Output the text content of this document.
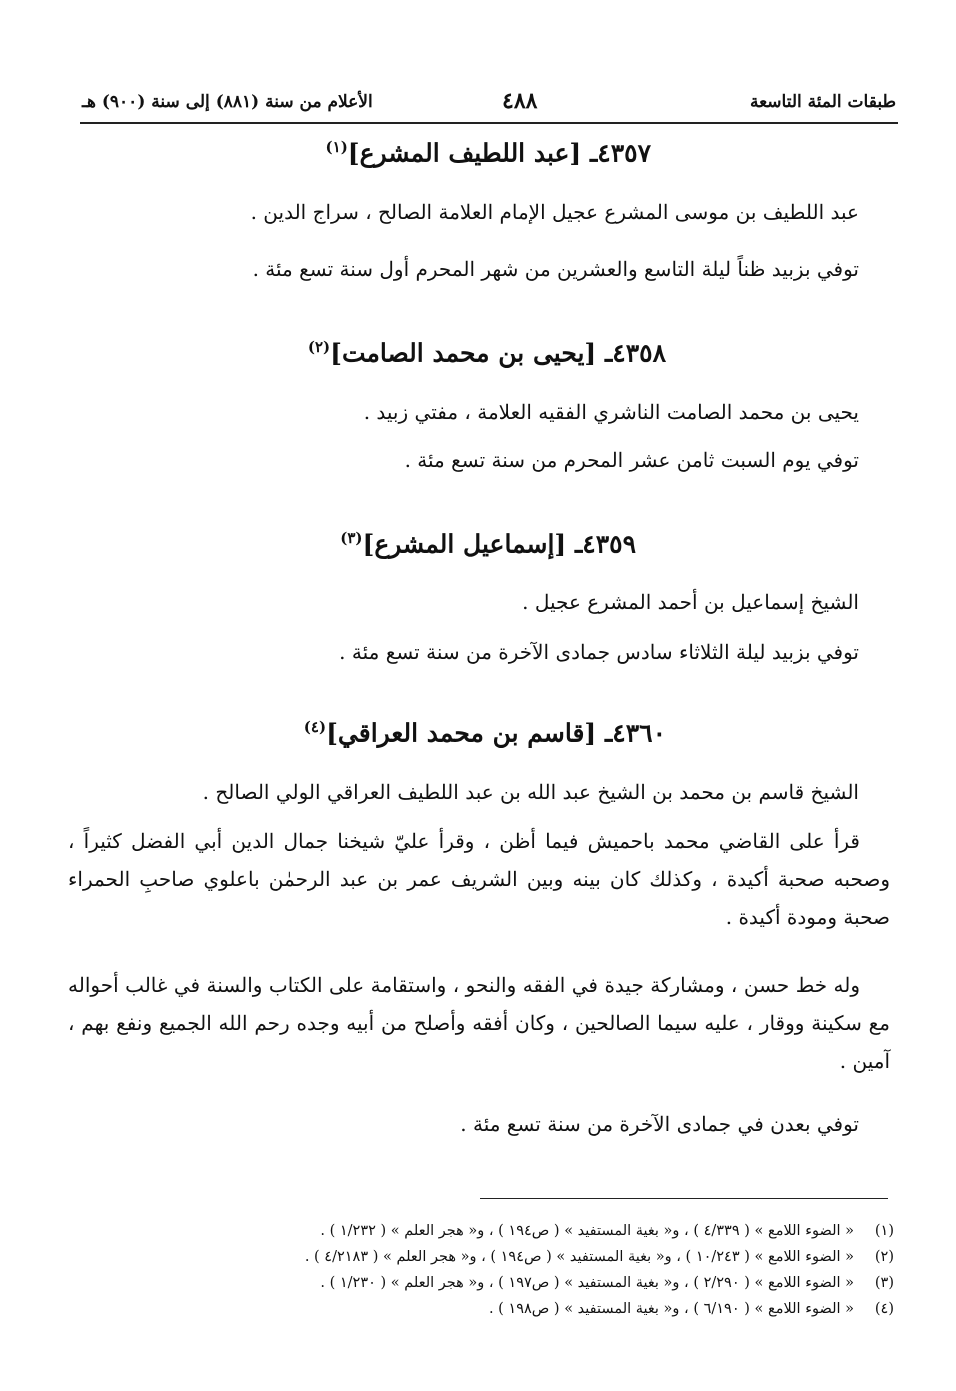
طبقات المئة التاسعة
٤٨٨
الأعلام من سنة (٨٨١) إلى سنة (٩٠٠) هـ
٤٣٥٧ـ [عبد اللطيف المشرع]$^{(١)}$
عبد اللطيف بن موسى المشرع عجيل الإمام العلامة الصالح ، سراج الدين .
توفي بزبيد ظناً ليلة التاسع والعشرين من شهر المحرم أول سنة تسع مئة .
٤٣٥٨ـ [يحيى بن محمد الصامت]$^{(٢)}$
يحيى بن محمد الصامت الناشري الفقيه العلامة ، مفتي زبيد .
توفي يوم السبت ثامن عشر المحرم من سنة تسع مئة .
٤٣٥٩ـ [إسماعيل المشرع]$^{(٣)}$
الشيخ إسماعيل بن أحمد المشرع عجيل .
توفي بزبيد ليلة الثلاثاء سادس جمادى الآخرة من سنة تسع مئة .
٤٣٦٠ـ [قاسم بن محمد العراقي]$^{(٤)}$
الشيخ قاسم بن محمد بن الشيخ عبد الله بن عبد اللطيف العراقي الولي الصالح .
قرأ على القاضي محمد باحميش فيما أظن ، وقرأ عليّ شيخنا جمال الدين أبي الفضل كثيراً ، وصحبه صحبة أكيدة ، وكذلك كان بينه وبين الشريف عمر بن عبد الرحمٰن باعلوي صاحبِ الحمراء صحبة ومودة أكيدة .
وله خط حسن ، ومشاركة جيدة في الفقه والنحو ، واستقامة على الكتاب والسنة في غالب أحواله مع سكينة ووقار ، عليه سيما الصالحين ، وكان أفقه وأصلح من أبيه وجده رحم الله الجميع ونفع بهم ، آمين .
توفي بعدن في جمادى الآخرة من سنة تسع مئة .
(١)« الضوء اللامع » ( ٤/٣٣٩ ) ، و« بغية المستفيد » ( ص١٩٤ ) ، و« هجر العلم » ( ١/٢٣٢ ) .
(٢)« الضوء اللامع » ( ١٠/٢٤٣ ) ، و« بغية المستفيد » ( ص١٩٤ ) ، و« هجر العلم » ( ٤/٢١٨٣ ) .
(٣)« الضوء اللامع » ( ٢/٢٩٠ ) ، و« بغية المستفيد » ( ص١٩٧ ) ، و« هجر العلم » ( ١/٢٣٠ ) .
(٤)« الضوء اللامع » ( ٦/١٩٠ ) ، و« بغية المستفيد » ( ص١٩٨ ) .
